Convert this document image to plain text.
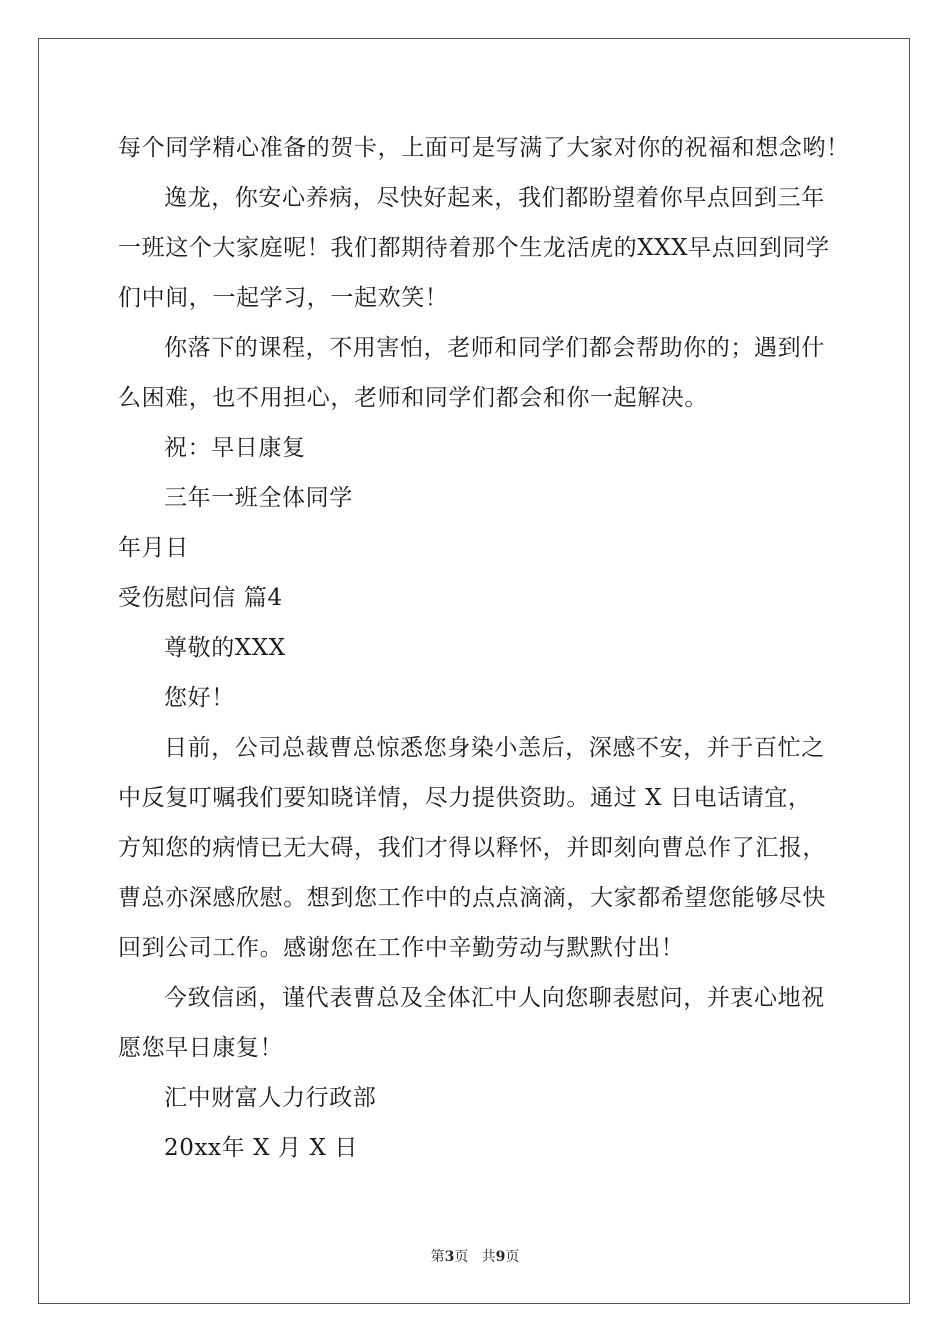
每个同学精心准备的贺卡，上面可是写满了大家对你的祝福和想念哟！
逸龙，你安心养病，尽快好起来，我们都盼望着你早点回到三年
一班这个大家庭呢！我们都期待着那个生龙活虎的XXX早点回到同学
们中间，一起学习，一起欢笑！
你落下的课程，不用害怕，老师和同学们都会帮助你的；遇到什
么困难，也不用担心，老师和同学们都会和你一起解决。
祝：早日康复
三年一班全体同学
年月日
受伤慰问信 篇4
尊敬的XXX
您好！
日前，公司总裁曹总惊悉您身染小恙后，深感不安，并于百忙之
中反复叮嘱我们要知晓详情，尽力提供资助。通过 X 日电话请宜，
方知您的病情已无大碍，我们才得以释怀，并即刻向曹总作了汇报，
曹总亦深感欣慰。想到您工作中的点点滴滴，大家都希望您能够尽快
回到公司工作。感谢您在工作中辛勤劳动与默默付出！
今致信函，谨代表曹总及全体汇中人向您聊表慰问，并衷心地祝
愿您早日康复！
汇中财富人力行政部
20xx年 X 月 X 日
第3页 共9页
